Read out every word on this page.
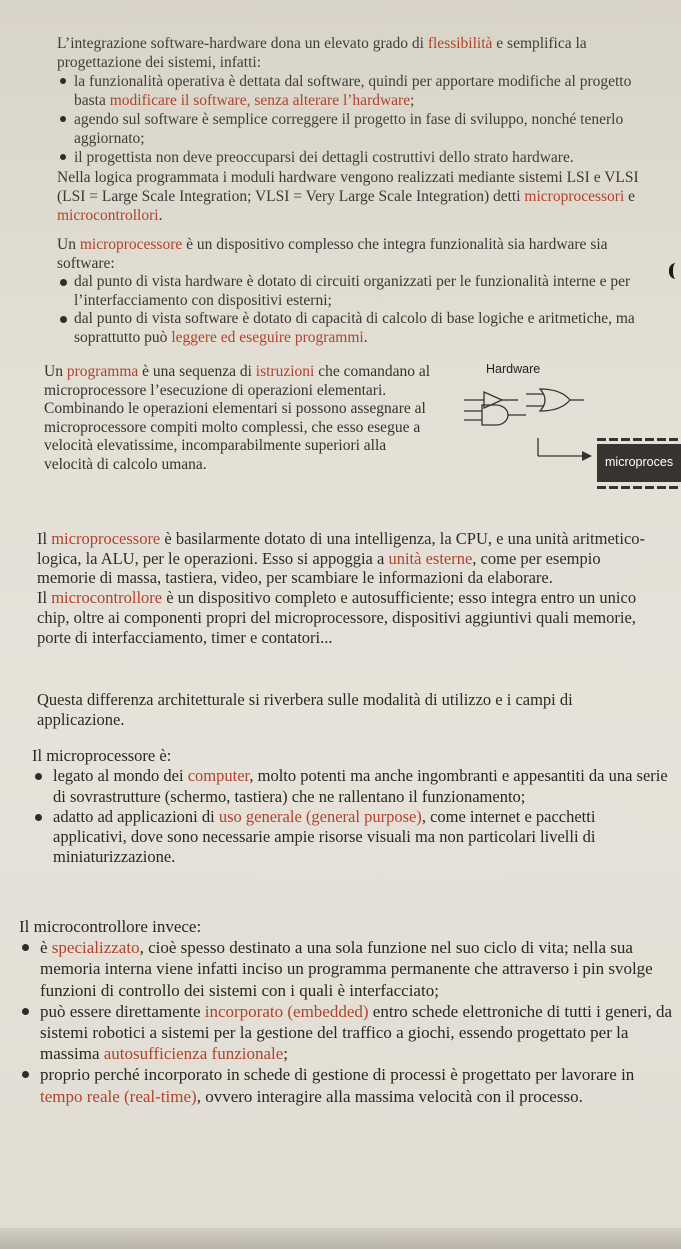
L’integrazione software-hardware dona un elevato grado di flessibilità e semplifica la progettazione dei sistemi, infatti:

la funzionalità operativa è dettata dal software, quindi per apportare modifiche al progetto basta modificare il software, senza alterare l’hardware;
agendo sul software è semplice correggere il progetto in fase di sviluppo, nonché tenerlo aggiornato;
il progettista non deve preoccuparsi dei dettagli costruttivi dello strato hardware.

Nella logica programmata i moduli hardware vengono realizzati mediante sistemi LSI e VLSI (LSI = Large Scale Integration; VLSI = Very Large Scale Integration) detti microprocessori e microcontrollori.

Un microprocessore è un dispositivo complesso che integra funzionalità sia hardware sia software:

dal punto di vista hardware è dotato di circuiti organizzati per le funzionalità interne e per l’interfacciamento con dispositivi esterni;
dal punto di vista software è dotato di capacità di calcolo di base logiche e aritmetiche, ma soprattutto può leggere ed eseguire programmi.

Un programma è una sequenza di istruzioni che comandano al microprocessore l’esecuzione di operazioni elementari.

Combinando le operazioni elementari si possono assegnare al microprocessore compiti molto complessi, che esso esegue a velocità elevatissime, incomparabilmente superiori alla velocità di calcolo umana.

Hardware
microproces

Il microprocessore è basilarmente dotato di una intelligenza, la CPU, e una unità aritmetico-logica, la ALU, per le operazioni. Esso si appoggia a unità esterne, come per esempio memorie di massa, tastiera, video, per scambiare le informazioni da elaborare.

Il microcontrollore è un dispositivo completo e autosufficiente; esso integra entro un unico chip, oltre ai componenti propri del microprocessore, dispositivi aggiuntivi quali memorie, porte di interfacciamento, timer e contatori...

Questa differenza architetturale si riverbera sulle modalità di utilizzo e i campi di applicazione.

Il microprocessore è:

legato al mondo dei computer, molto potenti ma anche ingombranti e appesantiti da una serie di sovrastrutture (schermo, tastiera) che ne rallentano il funzionamento;
adatto ad applicazioni di uso generale (general purpose), come internet e pacchetti applicativi, dove sono necessarie ampie risorse visuali ma non particolari livelli di miniaturizzazione.

Il microcontrollore invece:

è specializzato, cioè spesso destinato a una sola funzione nel suo ciclo di vita; nella sua memoria interna viene infatti inciso un programma permanente che attraverso i pin svolge funzioni di controllo dei sistemi con i quali è interfacciato;
può essere direttamente incorporato (embedded) entro schede elettroniche di tutti i generi, da sistemi robotici a sistemi per la gestione del traffico a giochi, essendo progettato per la massima autosufficienza funzionale;
proprio perché incorporato in schede di gestione di processi è progettato per lavorare in tempo reale (real-time), ovvero interagire alla massima velocità con il processo.
